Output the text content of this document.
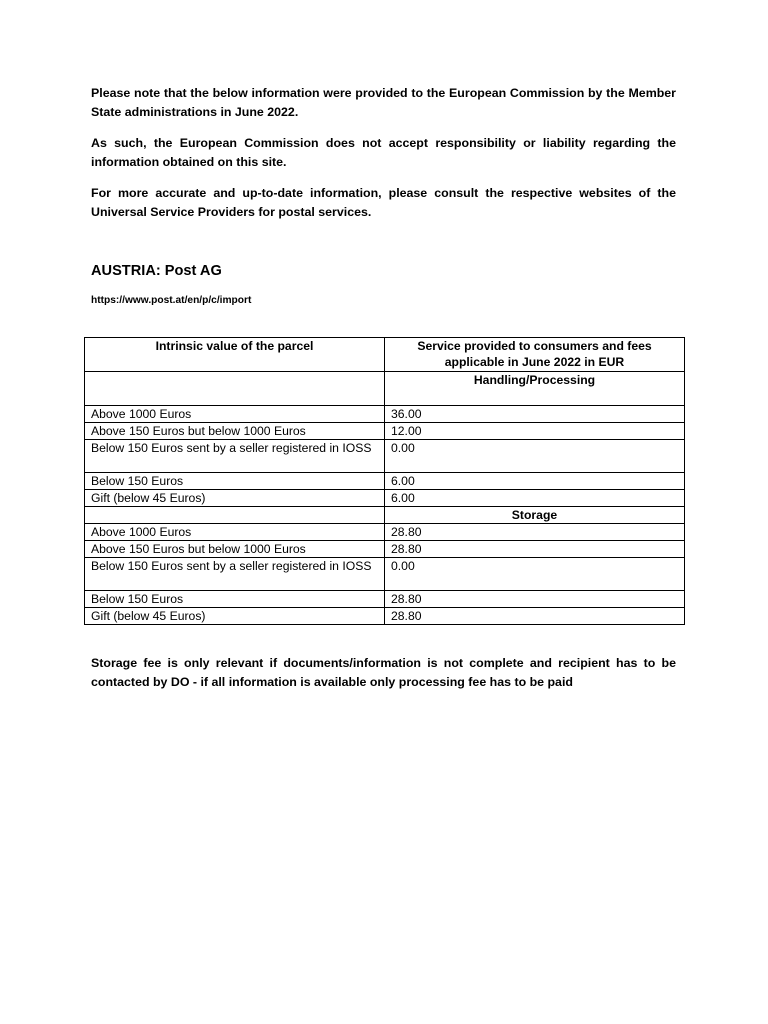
Please note that the below information were provided to the European Commission by the Member State administrations in June 2022.

As such, the European Commission does not accept responsibility or liability regarding the information obtained on this site.

For more accurate and up-to-date information, please consult the respective websites of the Universal Service Providers for postal services.

AUSTRIA: Post AG
https://www.post.at/en/p/c/import
Intrinsic value of the parcel	Service provided to consumers and fees applicable in June 2022 in EUR
	Handling/Processing
Above 1000 Euros	36.00
Above 150 Euros but below 1000 Euros	12.00
Below 150 Euros sent by a seller registered in IOSS	0.00
Below 150 Euros	6.00
Gift (below 45 Euros)	6.00
	Storage
Above 1000 Euros	28.80
Above 150 Euros but below 1000 Euros	28.80
Below 150 Euros sent by a seller registered in IOSS	0.00
Below 150 Euros	28.80
Gift (below 45 Euros)	28.80

Storage fee is only relevant if documents/information is not complete and recipient has to be contacted by DO - if all information is available only processing fee has to be paid
